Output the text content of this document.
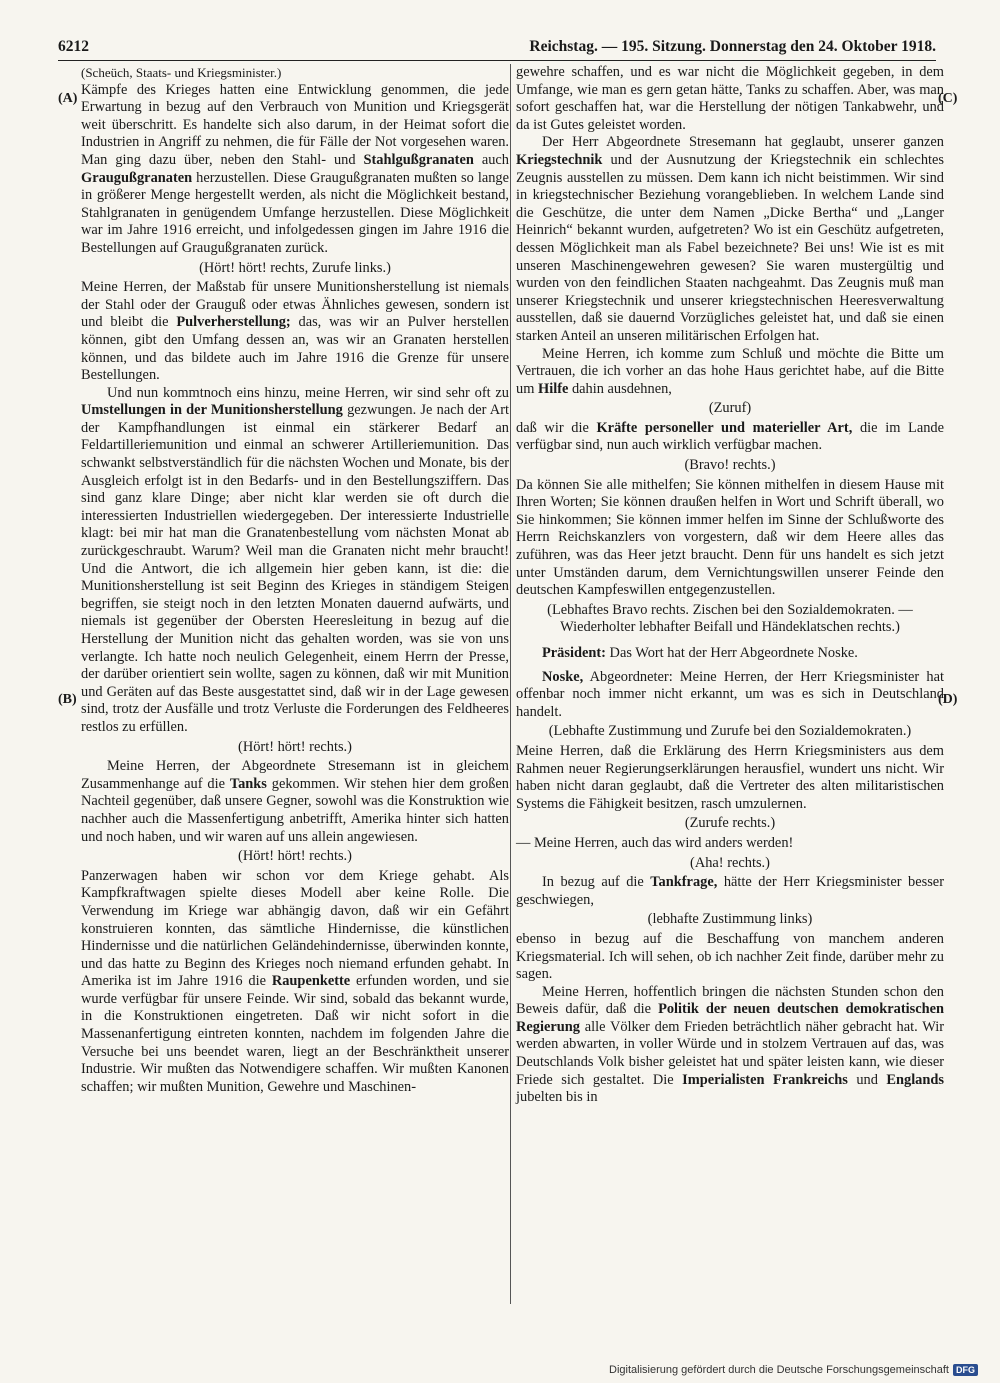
6212	Reichstag. — 195. Sitzung. Donnerstag den 24. Oktober 1918.
(A)
(B)
(C)
(D)

(Scheüch, Staats- und Kriegsminister.)

Kämpfe des Krieges hatten eine Entwicklung genommen, die jede Erwartung in bezug auf den Verbrauch von Munition und Kriegsgerät weit überschritt. Es handelte sich also darum, in der Heimat sofort die Industrien in Angriff zu nehmen, die für Fälle der Not vorgesehen waren. Man ging dazu über, neben den Stahl- und Stahlgußgranaten auch Graugußgranaten herzustellen. Diese Graugußgranaten mußten so lange in größerer Menge hergestellt werden, als nicht die Möglichkeit bestand, Stahlgranaten in genügendem Umfange herzustellen. Diese Möglichkeit war im Jahre 1916 erreicht, und infolgedessen gingen im Jahre 1916 die Bestellungen auf Graugußgranaten zurück.

(Hört! hört! rechts, Zurufe links.)

Meine Herren, der Maßstab für unsere Munitionsherstellung ist niemals der Stahl oder der Grauguß oder etwas Ähnliches gewesen, sondern ist und bleibt die Pulverherstellung; das, was wir an Pulver herstellen können, gibt den Umfang dessen an, was wir an Granaten herstellen können, und das bildete auch im Jahre 1916 die Grenze für unsere Bestellungen.

Und nun kommtnoch eins hinzu, meine Herren, wir sind sehr oft zu Umstellungen in der Munitionsherstellung gezwungen. Je nach der Art der Kampfhandlungen ist einmal ein stärkerer Bedarf an Feldartilleriemunition und einmal an schwerer Artilleriemunition. Das schwankt selbstverständlich für die nächsten Wochen und Monate, bis der Ausgleich erfolgt ist in den Bedarfs- und in den Bestellungsziffern. Das sind ganz klare Dinge; aber nicht klar werden sie oft durch die interessierten Industriellen wiedergegeben. Der interessierte Industrielle klagt: bei mir hat man die Granatenbestellung vom nächsten Monat ab zurückgeschraubt. Warum? Weil man die Granaten nicht mehr braucht! Und die Antwort, die ich allgemein hier geben kann, ist die: die Munitionsherstellung ist seit Beginn des Krieges in ständigem Steigen begriffen, sie steigt noch in den letzten Monaten dauernd aufwärts, und niemals ist gegenüber der Obersten Heeresleitung in bezug auf die Herstellung der Munition nicht das gehalten worden, was sie von uns verlangte. Ich hatte noch neulich Gelegenheit, einem Herrn der Presse, der darüber orientiert sein wollte, sagen zu können, daß wir mit Munition und Geräten auf das Beste ausgestattet sind, daß wir in der Lage gewesen sind, trotz der Ausfälle und trotz Verluste die Forderungen des Feldheeres restlos zu erfüllen.

(Hört! hört! rechts.)

Meine Herren, der Abgeordnete Stresemann ist in gleichem Zusammenhange auf die Tanks gekommen. Wir stehen hier dem großen Nachteil gegenüber, daß unsere Gegner, sowohl was die Konstruktion wie nachher auch die Massenfertigung anbetrifft, Amerika hinter sich hatten und noch haben, und wir waren auf uns allein angewiesen.

(Hört! hört! rechts.)

Panzerwagen haben wir schon vor dem Kriege gehabt. Als Kampfkraftwagen spielte dieses Modell aber keine Rolle. Die Verwendung im Kriege war abhängig davon, daß wir ein Gefährt konstruieren konnten, das sämtliche Hindernisse, die künstlichen Hindernisse und die natürlichen Geländehindernisse, überwinden konnte, und das hatte zu Beginn des Krieges noch niemand erfunden gehabt. In Amerika ist im Jahre 1916 die Raupenkette erfunden worden, und sie wurde verfügbar für unsere Feinde. Wir sind, sobald das bekannt wurde, in die Konstruktionen eingetreten. Daß wir nicht sofort in die Massenanfertigung eintreten konnten, nachdem im folgenden Jahre die Versuche bei uns beendet waren, liegt an der Beschränktheit unserer Industrie. Wir mußten das Notwendigere schaffen. Wir mußten Kanonen schaffen; wir mußten Munition, Gewehre und Maschinen-

gewehre schaffen, und es war nicht die Möglichkeit gegeben, in dem Umfange, wie man es gern getan hätte, Tanks zu schaffen. Aber, was man sofort geschaffen hat, war die Herstellung der nötigen Tankabwehr, und da ist Gutes geleistet worden.

Der Herr Abgeordnete Stresemann hat geglaubt, unserer ganzen Kriegstechnik und der Ausnutzung der Kriegstechnik ein schlechtes Zeugnis ausstellen zu müssen. Dem kann ich nicht beistimmen. Wir sind in kriegstechnischer Beziehung vorangeblieben. In welchem Lande sind die Geschütze, die unter dem Namen „Dicke Bertha“ und „Langer Heinrich“ bekannt wurden, aufgetreten? Wo ist ein Geschütz aufgetreten, dessen Möglichkeit man als Fabel bezeichnete? Bei uns! Wie ist es mit unseren Maschinengewehren gewesen? Sie waren mustergültig und wurden von den feindlichen Staaten nachgeahmt. Das Zeugnis muß man unserer Kriegstechnik und unserer kriegstechnischen Heeresverwaltung ausstellen, daß sie dauernd Vorzügliches geleistet hat, und daß sie einen starken Anteil an unseren militärischen Erfolgen hat.

Meine Herren, ich komme zum Schluß und möchte die Bitte um Vertrauen, die ich vorher an das hohe Haus gerichtet habe, auf die Bitte um Hilfe dahin ausdehnen,

(Zuruf)

daß wir die Kräfte personeller und materieller Art, die im Lande verfügbar sind, nun auch wirklich verfügbar machen.

(Bravo! rechts.)

Da können Sie alle mithelfen; Sie können mithelfen in diesem Hause mit Ihren Worten; Sie können draußen helfen in Wort und Schrift überall, wo Sie hinkommen; Sie können immer helfen im Sinne der Schlußworte des Herrn Reichskanzlers von vorgestern, daß wir dem Heere alles das zuführen, was das Heer jetzt braucht. Denn für uns handelt es sich jetzt unter Umständen darum, dem Vernichtungswillen unserer Feinde den deutschen Kampfeswillen entgegenzustellen.

(Lebhaftes Bravo rechts. Zischen bei den Sozialdemokraten. — Wiederholter lebhafter Beifall und Händeklatschen rechts.)

Präsident: Das Wort hat der Herr Abgeordnete Noske.

Noske, Abgeordneter: Meine Herren, der Herr Kriegsminister hat offenbar noch immer nicht erkannt, um was es sich in Deutschland handelt.

(Lebhafte Zustimmung und Zurufe bei den Sozialdemokraten.)

Meine Herren, daß die Erklärung des Herrn Kriegsministers aus dem Rahmen neuer Regierungserklärungen herausfiel, wundert uns nicht. Wir haben nicht daran geglaubt, daß die Vertreter des alten militaristischen Systems die Fähigkeit besitzen, rasch umzulernen.

(Zurufe rechts.)

— Meine Herren, auch das wird anders werden!

(Aha! rechts.)

In bezug auf die Tankfrage, hätte der Herr Kriegsminister besser geschwiegen,

(lebhafte Zustimmung links)

ebenso in bezug auf die Beschaffung von manchem anderen Kriegsmaterial. Ich will sehen, ob ich nachher Zeit finde, darüber mehr zu sagen.

Meine Herren, hoffentlich bringen die nächsten Stunden schon den Beweis dafür, daß die Politik der neuen deutschen demokratischen Regierung alle Völker dem Frieden beträchtlich näher gebracht hat. Wir werden abwarten, in voller Würde und in stolzem Vertrauen auf das, was Deutschlands Volk bisher geleistet hat und später leisten kann, wie dieser Friede sich gestaltet. Die Imperialisten Frankreichs und Englands jubelten bis in

Digitalisierung gefördert durch die Deutsche Forschungsgemeinschaft DFG
